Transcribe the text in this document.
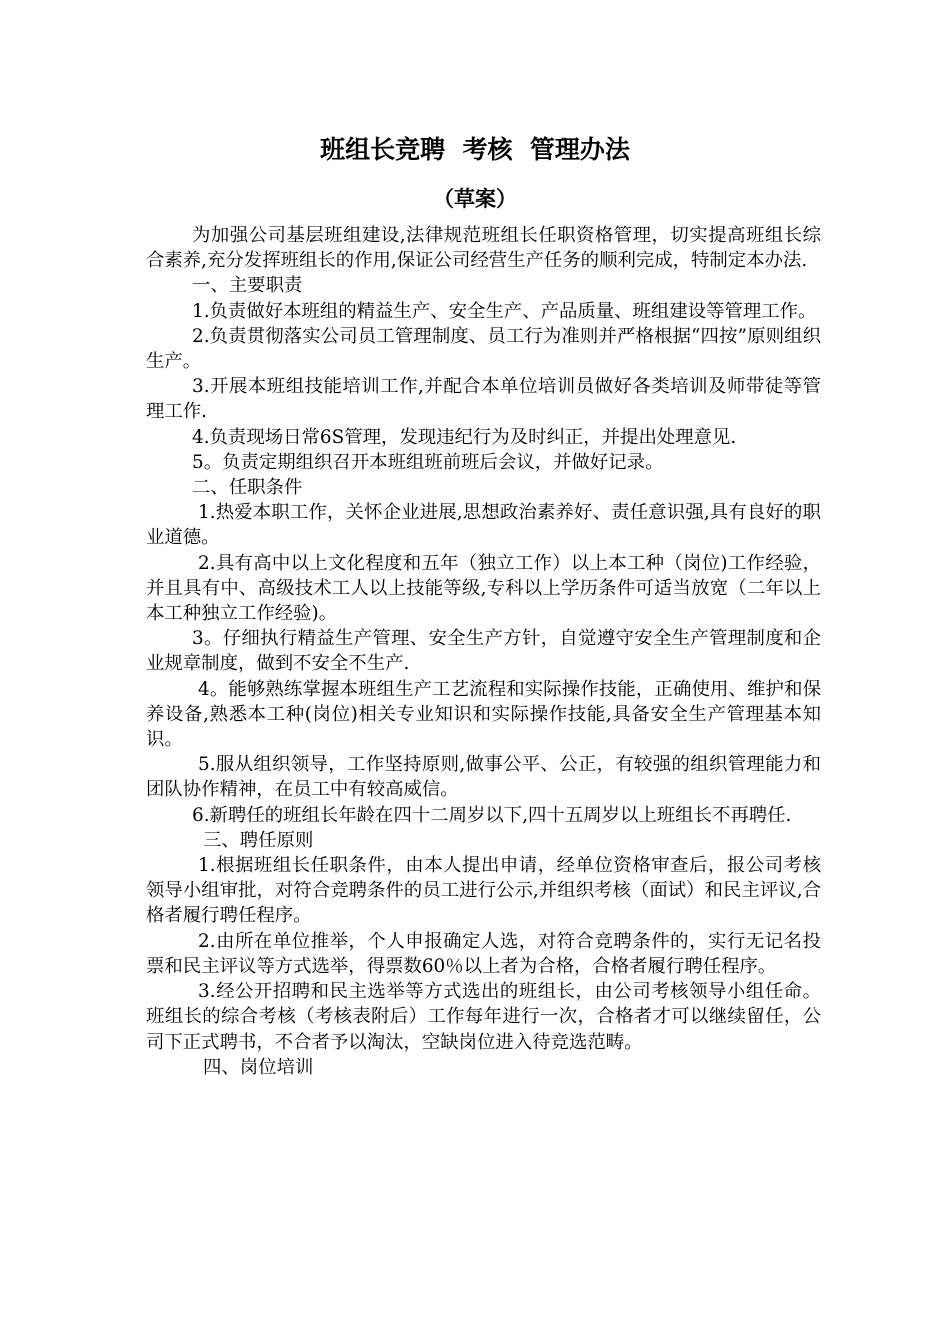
班组长竞聘  考核  管理办法
（草案）

为加强公司基层班组建设,法律规范班组长任职资格管理，切实提高班组长综合素养,充分发挥班组长的作用,保证公司经营生产任务的顺利完成，特制定本办法.

一、主要职责

1.负责做好本班组的精益生产、安全生产、产品质量、班组建设等管理工作。

2.负责贯彻落实公司员工管理制度、员工行为准则并严格根据“四按”原则组织生产。

3.开展本班组技能培训工作,并配合本单位培训员做好各类培训及师带徒等管理工作.

4.负责现场日常6S管理，发现违纪行为及时纠正，并提出处理意见.

5。负责定期组织召开本班组班前班后会议，并做好记录。

二、任职条件

1.热爱本职工作，关怀企业进展,思想政治素养好、责任意识强,具有良好的职业道德。

2.具有高中以上文化程度和五年（独立工作）以上本工种（岗位)工作经验，并且具有中、高级技术工人以上技能等级,专科以上学历条件可适当放宽（二年以上本工种独立工作经验)。

3。仔细执行精益生产管理、安全生产方针，自觉遵守安全生产管理制度和企业规章制度，做到不安全不生产.

4。能够熟练掌握本班组生产工艺流程和实际操作技能，正确使用、维护和保养设备,熟悉本工种(岗位)相关专业知识和实际操作技能,具备安全生产管理基本知识。

5.服从组织领导，工作坚持原则,做事公平、公正，有较强的组织管理能力和团队协作精神，在员工中有较高威信。

6.新聘任的班组长年龄在四十二周岁以下,四十五周岁以上班组长不再聘任.

三、聘任原则

1.根据班组长任职条件，由本人提出申请，经单位资格审查后，报公司考核领导小组审批，对符合竞聘条件的员工进行公示,并组织考核（面试）和民主评议,合格者履行聘任程序。

2.由所在单位推举，个人申报确定人选，对符合竞聘条件的，实行无记名投票和民主评议等方式选举，得票数60％以上者为合格，合格者履行聘任程序。

3.经公开招聘和民主选举等方式选出的班组长，由公司考核领导小组任命。班组长的综合考核（考核表附后）工作每年进行一次，合格者才可以继续留任，公司下正式聘书，不合者予以淘汰，空缺岗位进入待竞选范畴。

四、岗位培训
